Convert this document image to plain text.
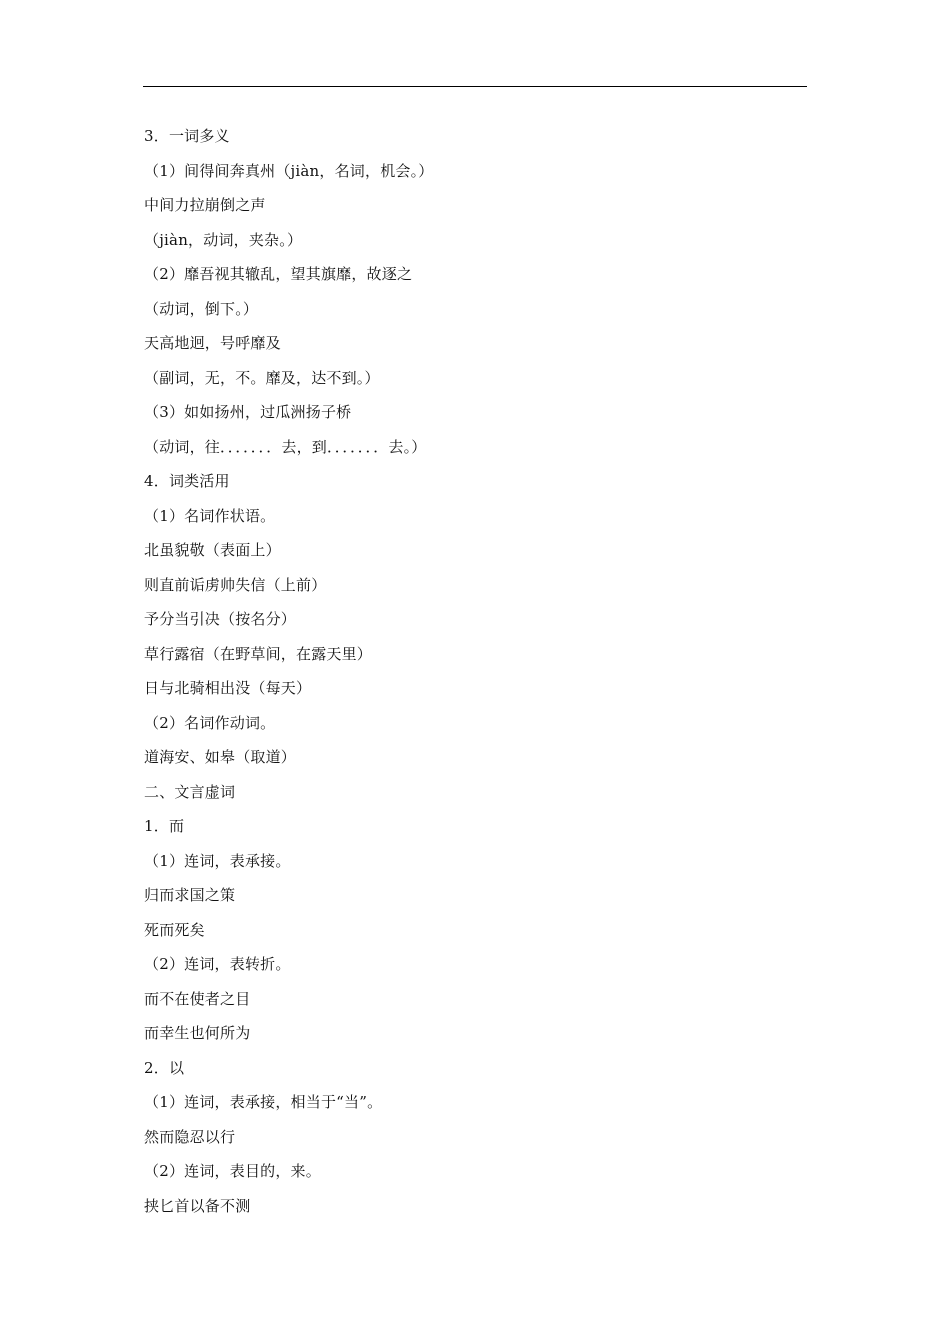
3．一词多义
（1）间得间奔真州（jiàn，名词，机会。）
中间力拉崩倒之声
（jiàn，动词，夹杂。）
（2）靡吾视其辙乱，望其旗靡，故逐之
（动词，倒下。）
天高地迥，号呼靡及
（副词，无，不。靡及，达不到。）
（3）如如扬州，过瓜洲扬子桥
（动词，往．．．．．．．去，到．．．．．．．去。）
4．词类活用
（1）名词作状语。
北虽貌敬（表面上）
则直前诟虏帅失信（上前）
予分当引决（按名分）
草行露宿（在野草间，在露天里）
日与北骑相出没（每天）
（2）名词作动词。
道海安、如皋（取道）
二、文言虚词
1．而
（1）连词，表承接。
归而求国之策
死而死矣
（2）连词，表转折。
而不在使者之目
而幸生也何所为
2．以
（1）连词，表承接，相当于“当”。
然而隐忍以行
（2）连词，表目的，来。
挟匕首以备不测
